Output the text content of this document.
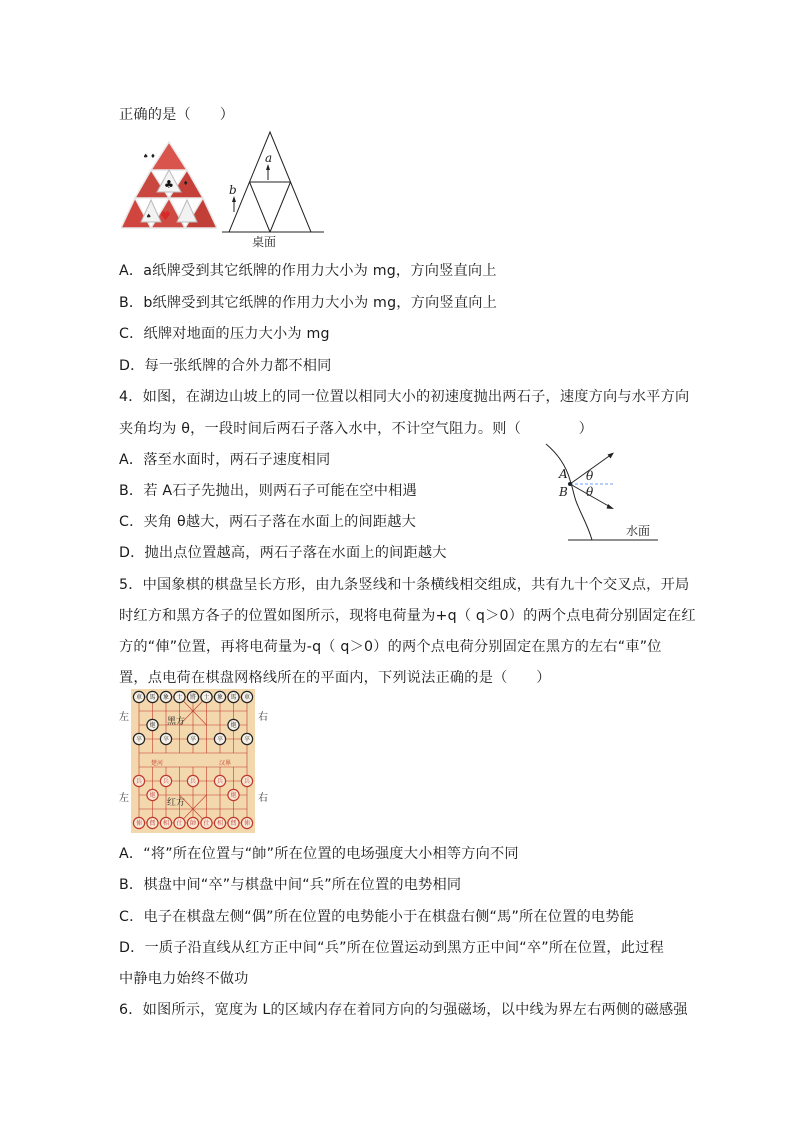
正确的是（　　）
A．a纸牌受到其它纸牌的作用力大小为 mg，方向竖直向上
B．b纸牌受到其它纸牌的作用力大小为 mg，方向竖直向上
C．纸牌对地面的压力大小为 mg
D．每一张纸牌的合外力都不相同
4．如图，在湖边山坡上的同一位置以相同大小的初速度抛出两石子，速度方向与水平方向
夹角均为 θ，一段时间后两石子落入水中，不计空气阻力。则（　　　　）
A．落至水面时，两石子速度相同
B．若 A石子先抛出，则两石子可能在空中相遇
C．夹角 θ越大，两石子落在水面上的间距越大
D．抛出点位置越高，两石子落在水面上的间距越大
5．中国象棋的棋盘呈长方形，由九条竖线和十条横线相交组成，共有九十个交叉点，开局
时红方和黑方各子的位置如图所示，现将电荷量为+q（ q＞0）的两个点电荷分别固定在红
方的“俥”位置，再将电荷量为-q（ q＞0）的两个点电荷分别固定在黑方的左右“車”位
置，点电荷在棋盘网格线所在的平面内，下列说法正确的是（　　）
A．“将”所在位置与“帥”所在位置的电场强度大小相等方向不同
B．棋盘中间“卒”与棋盘中间“兵”所在位置的电势相同
C．电子在棋盘左侧“偶”所在位置的电势能小于在棋盘右侧“馬”所在位置的电势能
D．一质子沿直线从红方正中间“兵”所在位置运动到黑方正中间“卒”所在位置，此过程
中静电力始终不做功
6．如图所示，宽度为 L的区域内存在着同方向的匀强磁场，以中线为界左右两侧的磁感强
♣
♥
♠ ♦
♦
♠
a
b
桌面
A
B
θ
θ
水面
左	右
左	右
楚河	汉界
黑方
红方
車 馬 象 士 將 士 象 馬 車
炮	炮
卒	卒	卒	卒	卒
兵	兵	兵	兵	兵
炮	炮
俥 傌 相 仕 帥 仕 相 傌 俥
